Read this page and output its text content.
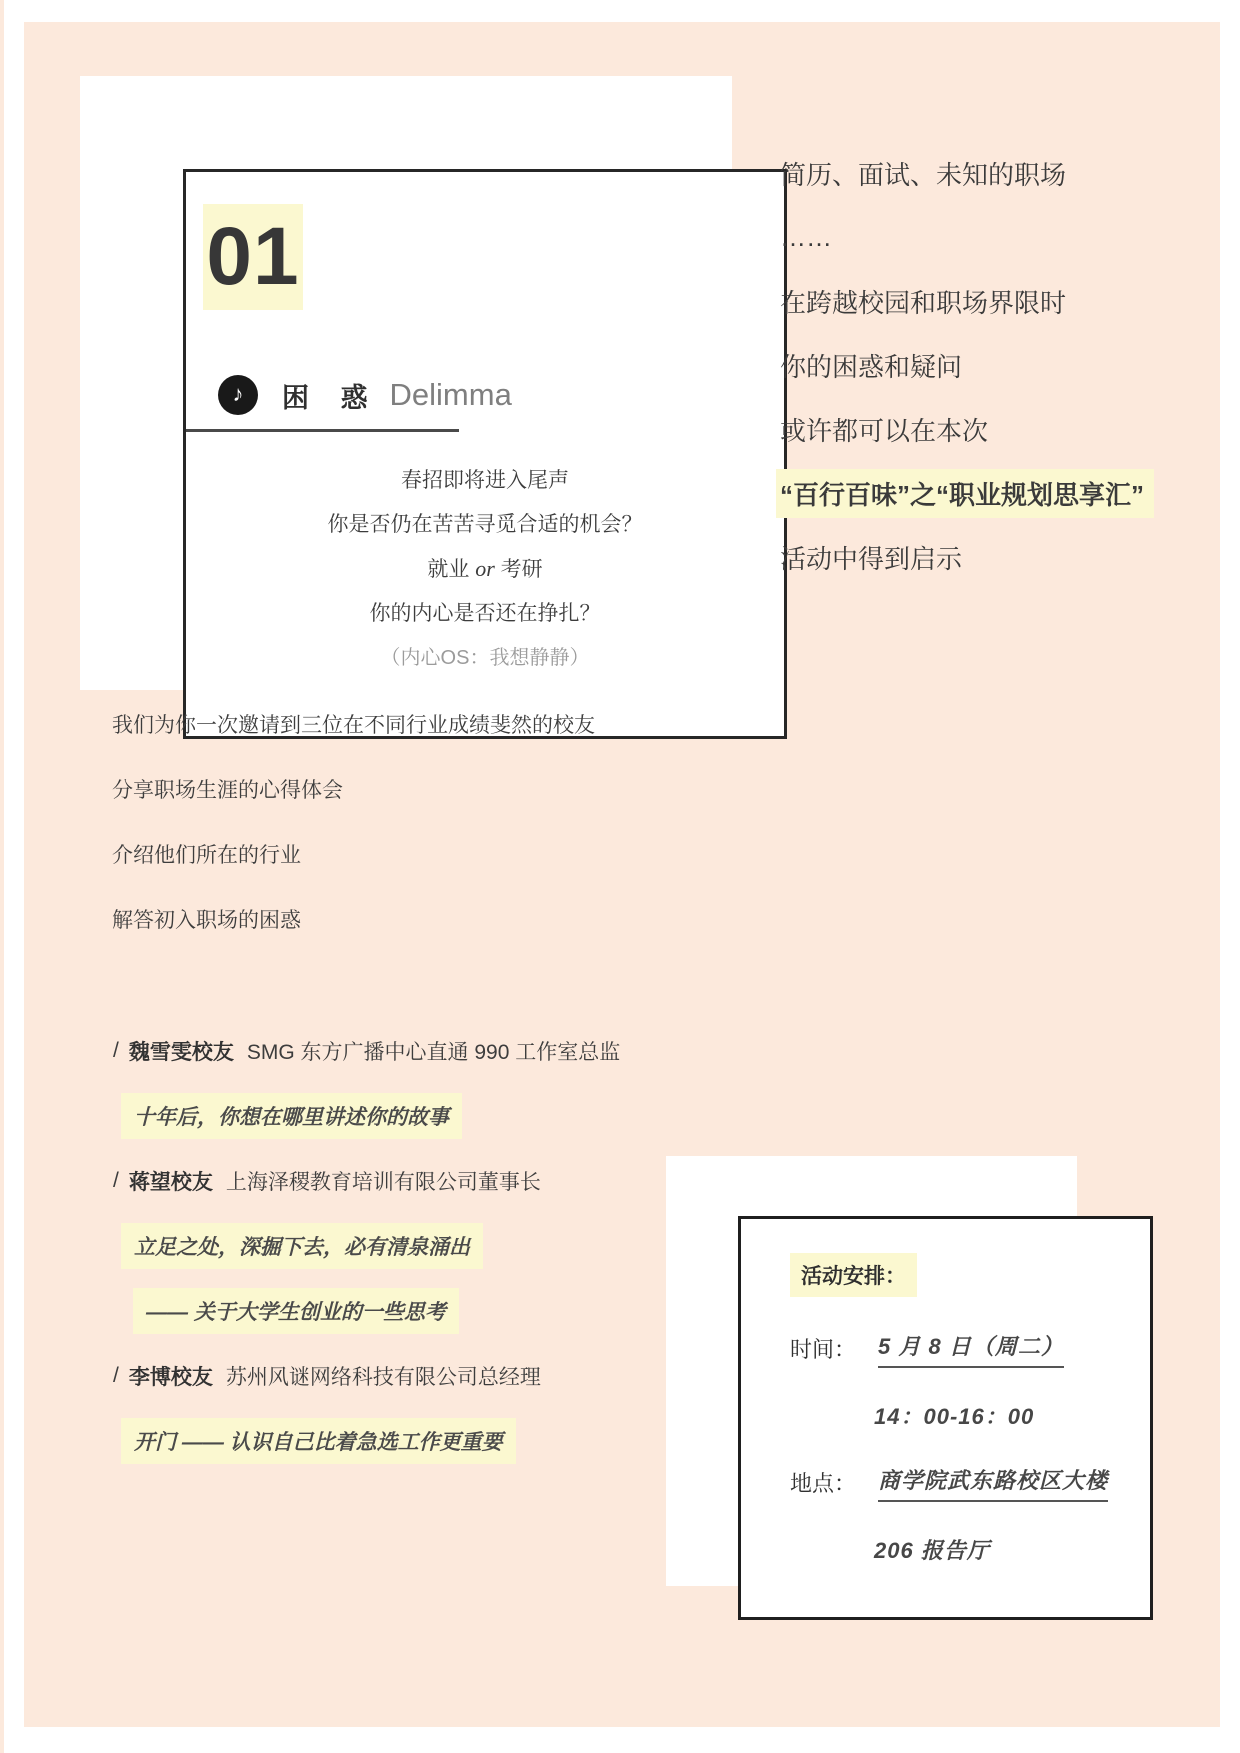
01
♪ 困 惑 Delimma

春招即将进入尾声

你是否仍在苦苦寻觅合适的机会？

就业 or 考研

你的内心是否还在挣扎？

（内心OS：我想静静）

简历、面试、未知的职场
……
在跨越校园和职场界限时
你的困惑和疑问
或许都可以在本次
“百行百味”之“职业规划思享汇”
活动中得到启示
我们为你一次邀请到三位在不同行业成绩斐然的校友
分享职场生涯的心得体会
介绍他们所在的行业
解答初入职场的困惑
/ 魏雪雯校友 SMG 东方广播中心直通 990 工作室总监
十年后，你想在哪里讲述你的故事
/ 蒋望校友 上海泽稷教育培训有限公司董事长
立足之处，深掘下去，必有清泉涌出
—— 关于大学生创业的一些思考
/ 李博校友 苏州风谜网络科技有限公司总经理
开门 —— 认识自己比着急选工作更重要
活动安排：
时间： 5 月 8 日（周二）
14：00-16：00
地点： 商学院武东路校区大楼
206 报告厅
